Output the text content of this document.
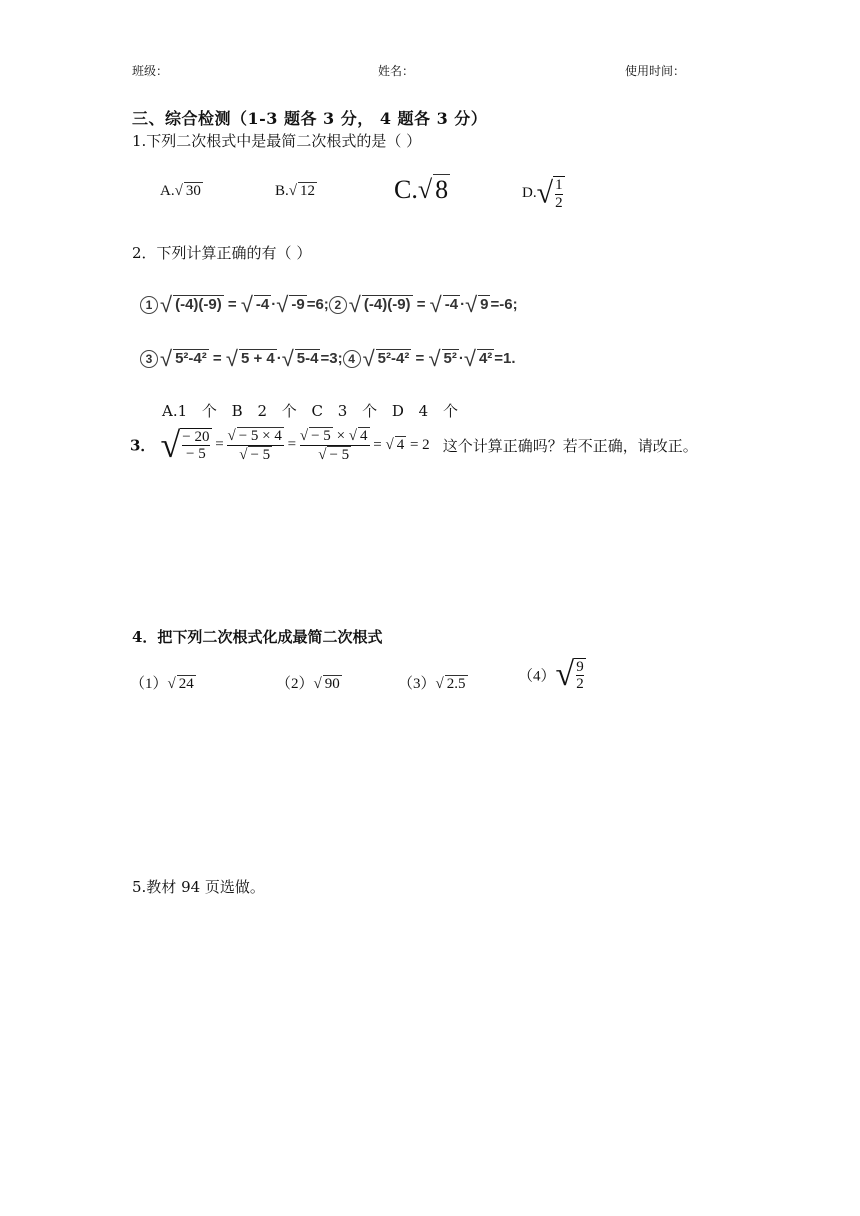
班级：	姓名：	使用时间：
三、综合检测（1-3 题各 3 分， 4 题各 3 分）
1.下列二次根式中是最简二次根式的是（ ）
A.√ 30	B.√ 12	C.√ 8	$D.√ \frac{1}{2}$
2．下列计算正确的有（ ）
1 √ (-4)(-9) = √ -4 ·√ -9 =6; 2 √ (-4)(-9) = √ -4 ·√ 9 =-6;
3 √ 5²-4² = √ 5 + 4 ·√ 5-4 =3; 4 √ 5²-4² = √ 5² ·√ 4² =1.
A.1 个 B 2 个 C 3 个 D 4 个
3． √ $\frac{- 20}{- 5} = \frac{√ - 5 \times 4}{√ - 5} = \frac{√ - 5 \times √ 4}{√ - 5}$ = √ 4 = 2 这个计算正确吗？若不正确，请改正。
4．把下列二次根式化成最简二次根式
（1）√ 24	（2）√ 90	（3）√ 2.5	$(4)√ \frac{9}{2}$
5.教材 94 页选做。
